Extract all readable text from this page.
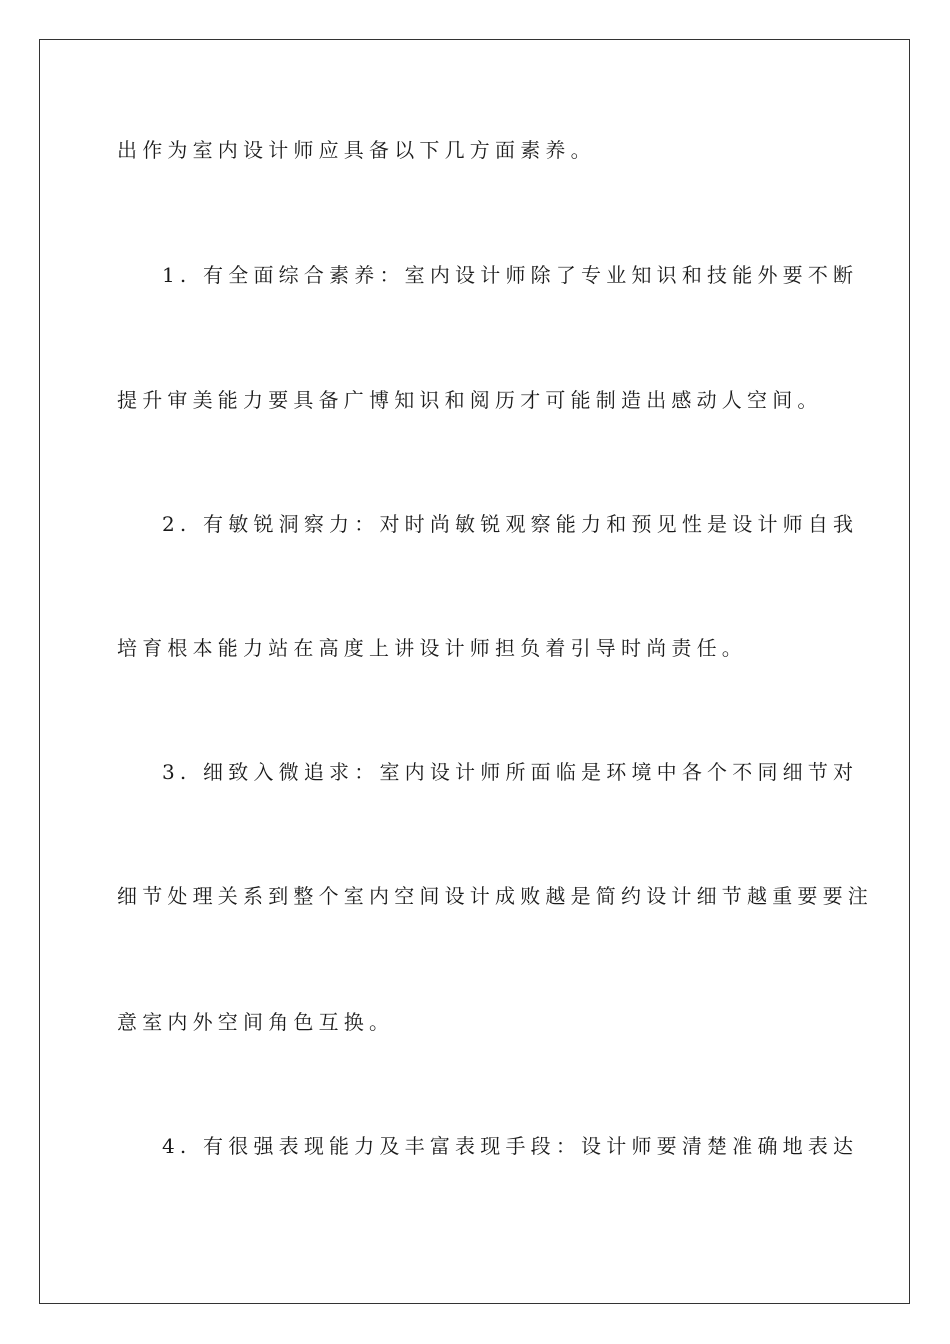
出作为室内设计师应具备以下几方面素养。
1. 有全面综合素养：室内设计师除了专业知识和技能外要不断
提升审美能力要具备广博知识和阅历才可能制造出感动人空间。
2. 有敏锐洞察力：对时尚敏锐观察能力和预见性是设计师自我
培育根本能力站在高度上讲设计师担负着引导时尚责任。
3. 细致入微追求：室内设计师所面临是环境中各个不同细节对
细节处理关系到整个室内空间设计成败越是简约设计细节越重要要注
意室内外空间角色互换。
4. 有很强表现能力及丰富表现手段：设计师要清楚准确地表达
